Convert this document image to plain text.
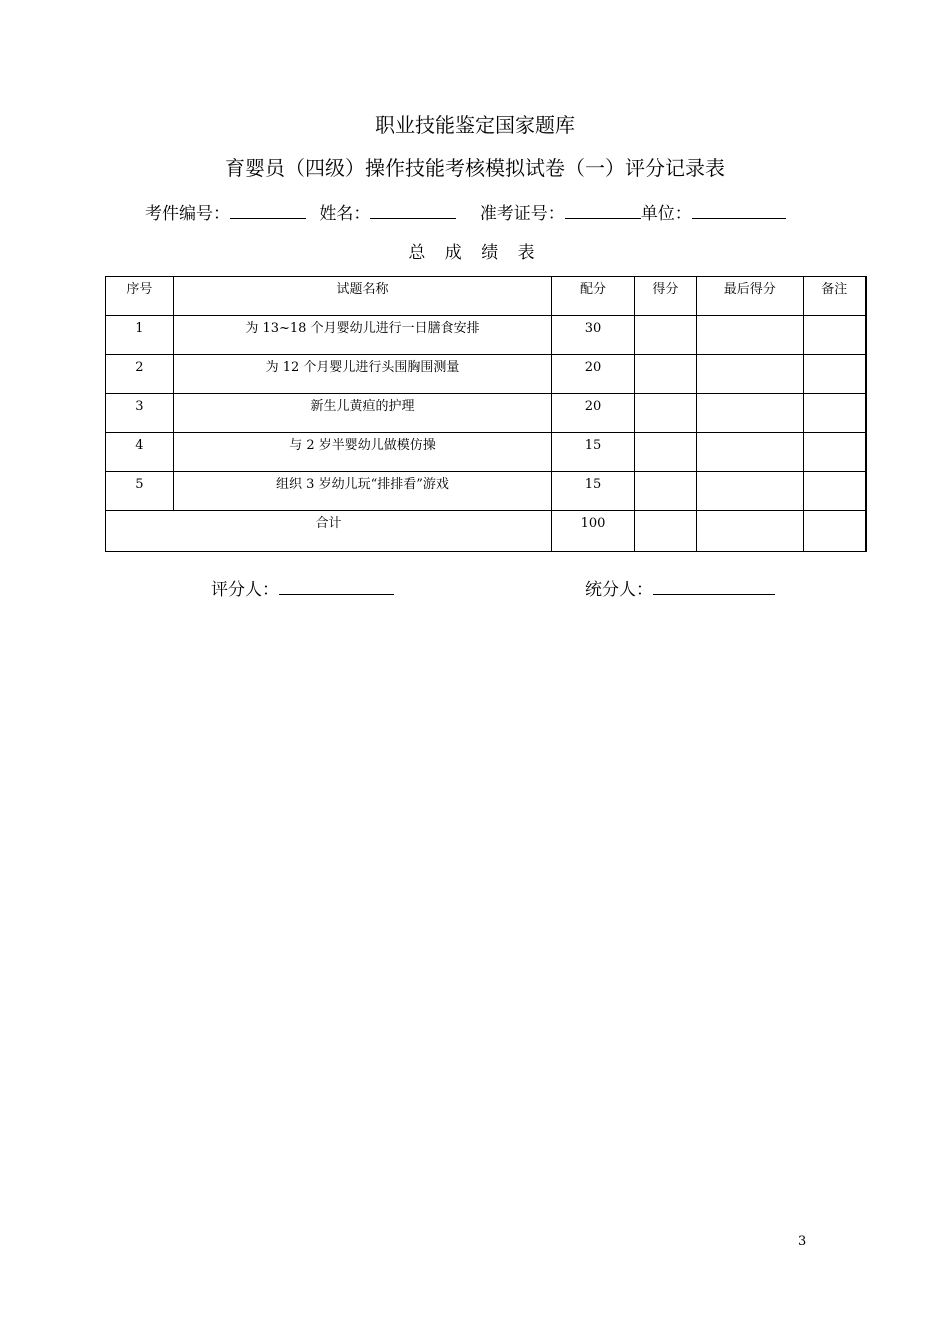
职业技能鉴定国家题库
育婴员（四级）操作技能考核模拟试卷（一）评分记录表
考件编号：	姓名：	准考证号：	单位：
总 成 绩 表
序号	试题名称	配分	得分	最后得分	备注
1	为 13~18 个月婴幼儿进行一日膳食安排	30			
2	为 12 个月婴儿进行头围胸围测量	20			
3	新生儿黄疸的护理	20			
4	与 2 岁半婴幼儿做模仿操	15			
5	组织 3 岁幼儿玩“排排看”游戏	15			
合计		100			
评分人：	统分人：
3
